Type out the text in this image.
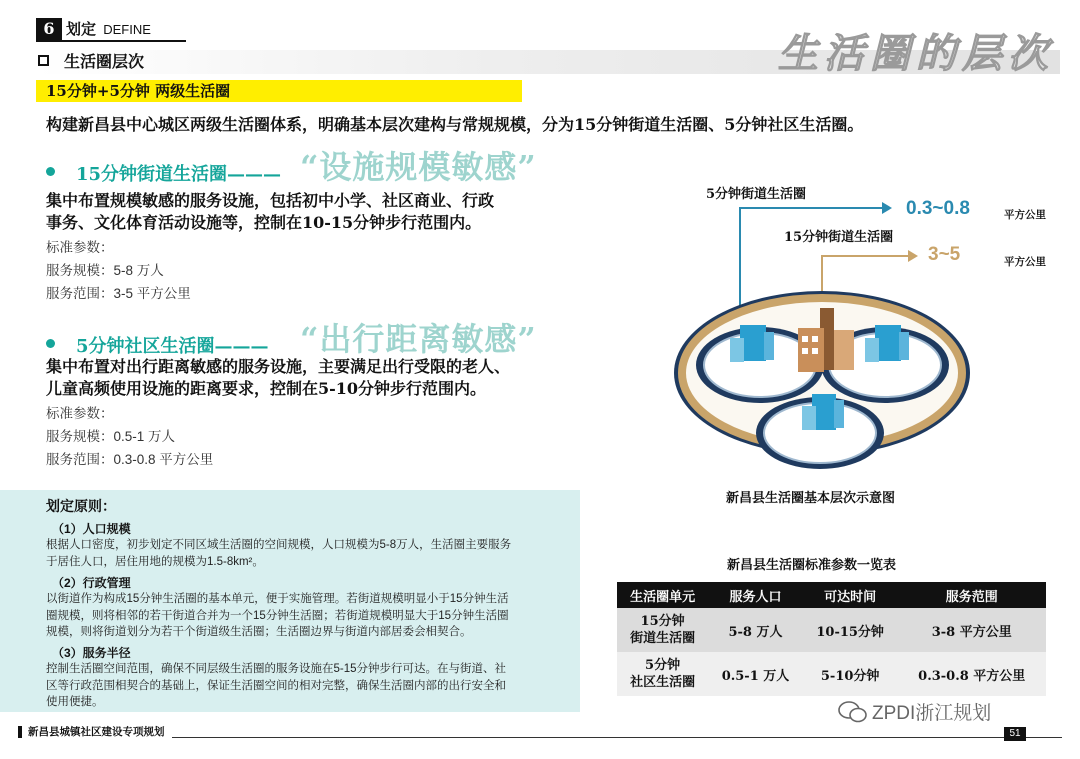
6 划定 DEFINE
生活圈的层次
生活圈层次
15分钟+5分钟 两级生活圈
构建新昌县中心城区两级生活圈体系，明确基本层次建构与常规规模，分为15分钟街道生活圈、5分钟社区生活圈。
15分钟街道生活圈——— “设施规模敏感”
集中布置规模敏感的服务设施，包括初中小学、社区商业、行政
事务、文化体育活动设施等，控制在10-15分钟步行范围内。
标准参数：
服务规模：5-8 万人
服务范围：3-5 平方公里
5分钟社区生活圈——— “出行距离敏感”
集中布置对出行距离敏感的服务设施，主要满足出行受限的老人、
儿童高频使用设施的距离要求，控制在5-10分钟步行范围内。
标准参数：
服务规模：0.5-1 万人
服务范围：0.3-0.8 平方公里
划定原则：
（1）人口规模
根据人口密度，初步划定不同区域生活圈的空间规模，人口规模为5-8万人，生活圈主要服务
于居住人口，居住用地的规模为1.5-8km²。
（2）行政管理
以街道作为构成15分钟生活圈的基本单元，便于实施管理。若街道规模明显小于15分钟生活
圈规模，则将相邻的若干街道合并为一个15分钟生活圈；若街道规模明显大于15分钟生活圈
规模，则将街道划分为若干个街道级生活圈；生活圈边界与街道内部居委会相契合。
（3）服务半径
控制生活圈空间范围，确保不同层级生活圈的服务设施在5-15分钟步行可达。在与街道、社
区等行政范围相契合的基础上，保证生活圈空间的相对完整，确保生活圈内部的出行安全和
使用便捷。
5分钟街道生活圈
0.3~0.8	平方公里
15分钟街道生活圈
3~5	平方公里
新昌县生活圈基本层次示意图
新昌县生活圈标准参数一览表
生活圈单元	服务人口	可达时间	服务范围

15分钟
街道生活圈	5-8 万人	10-15分钟	3-8 平方公里

5分钟
社区生活圈	0.5-1 万人	5-10分钟	0.3-0.8 平方公里
ZPDI浙江规划
新昌县城镇社区建设专项规划	51
